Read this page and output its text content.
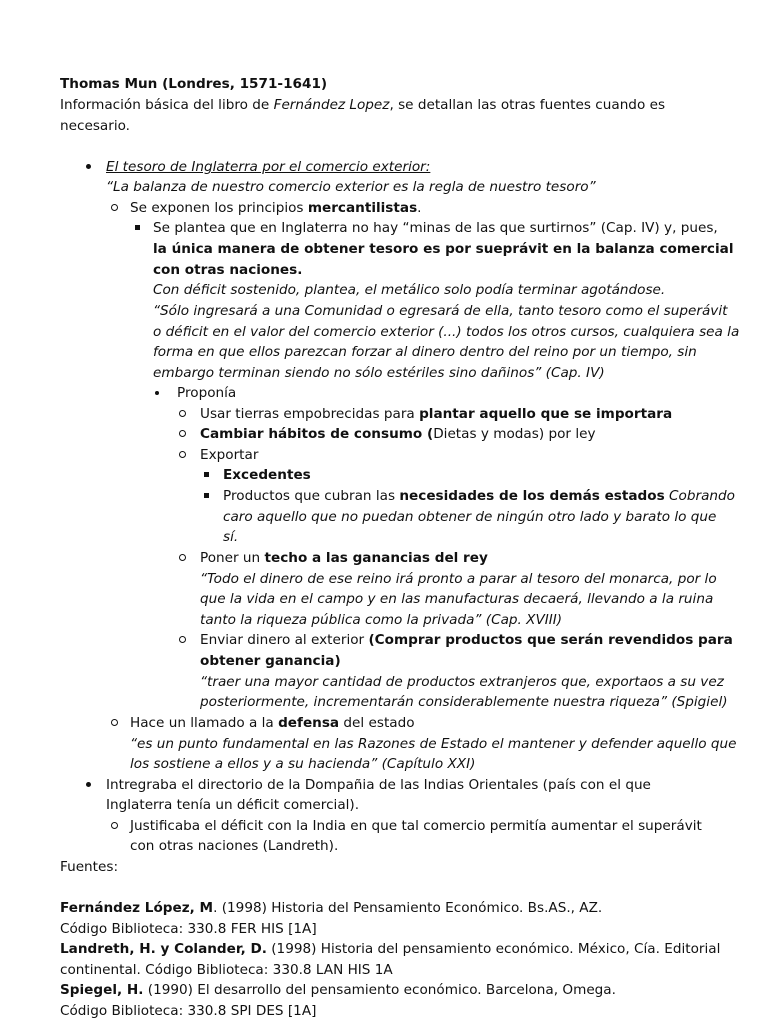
Thomas Mun (Londres, 1571-1641)
Información básica del libro de Fernández Lopez, se detallan las otras fuentes cuando es
necesario.
El tesoro de Inglaterra por el comercio exterior:
“La balanza de nuestro comercio exterior es la regla de nuestro tesoro”
Se exponen los principios mercantilistas.
Se plantea que en Inglaterra no hay “minas de las que surtirnos” (Cap. IV) y, pues,
la única manera de obtener tesoro es por sueprávit en la balanza comercial
con otras naciones.
Con déficit sostenido, plantea, el metálico solo podía terminar agotándose.
“Sólo ingresará a una Comunidad o egresará de ella, tanto tesoro como el superávit
o déficit en el valor del comercio exterior (...) todos los otros cursos, cualquiera sea la
forma en que ellos parezcan forzar al dinero dentro del reino por un tiempo, sin
embargo terminan siendo no sólo estériles sino dañinos” (Cap. IV)
Proponía
Usar tierras empobrecidas para plantar aquello que se importara
Cambiar hábitos de consumo (Dietas y modas) por ley
Exportar
Excedentes
Productos que cubran las necesidades de los demás estados Cobrando
caro aquello que no puedan obtener de ningún otro lado y barato lo que
sí.
Poner un techo a las ganancias del rey
“Todo el dinero de ese reino irá pronto a parar al tesoro del monarca, por lo
que la vida en el campo y en las manufacturas decaerá, llevando a la ruina
tanto la riqueza pública como la privada” (Cap. XVIII)
Enviar dinero al exterior (Comprar productos que serán revendidos para
obtener ganancia)
“traer una mayor cantidad de productos extranjeros que, exportaos a su vez
posteriormente, incrementarán considerablemente nuestra riqueza” (Spigiel)
Hace un llamado a la defensa del estado
“es un punto fundamental en las Razones de Estado el mantener y defender aquello que
los sostiene a ellos y a su hacienda” (Capítulo XXI)
Intregraba el directorio de la Dompañia de las Indias Orientales (país con el que
Inglaterra tenía un déficit comercial).
Justificaba el déficit con la India en que tal comercio permitía aumentar el superávit
con otras naciones (Landreth).
Fuentes:
Fernández López, M. (1998) Historia del Pensamiento Económico. Bs.AS., AZ.
Código Biblioteca: 330.8 FER HIS [1A]
Landreth, H. y Colander, D. (1998) Historia del pensamiento económico. México, Cía. Editorial
continental. Código Biblioteca: 330.8 LAN HIS 1A
Spiegel, H. (1990) El desarrollo del pensamiento económico. Barcelona, Omega.
Código Biblioteca: 330.8 SPI DES [1A]
